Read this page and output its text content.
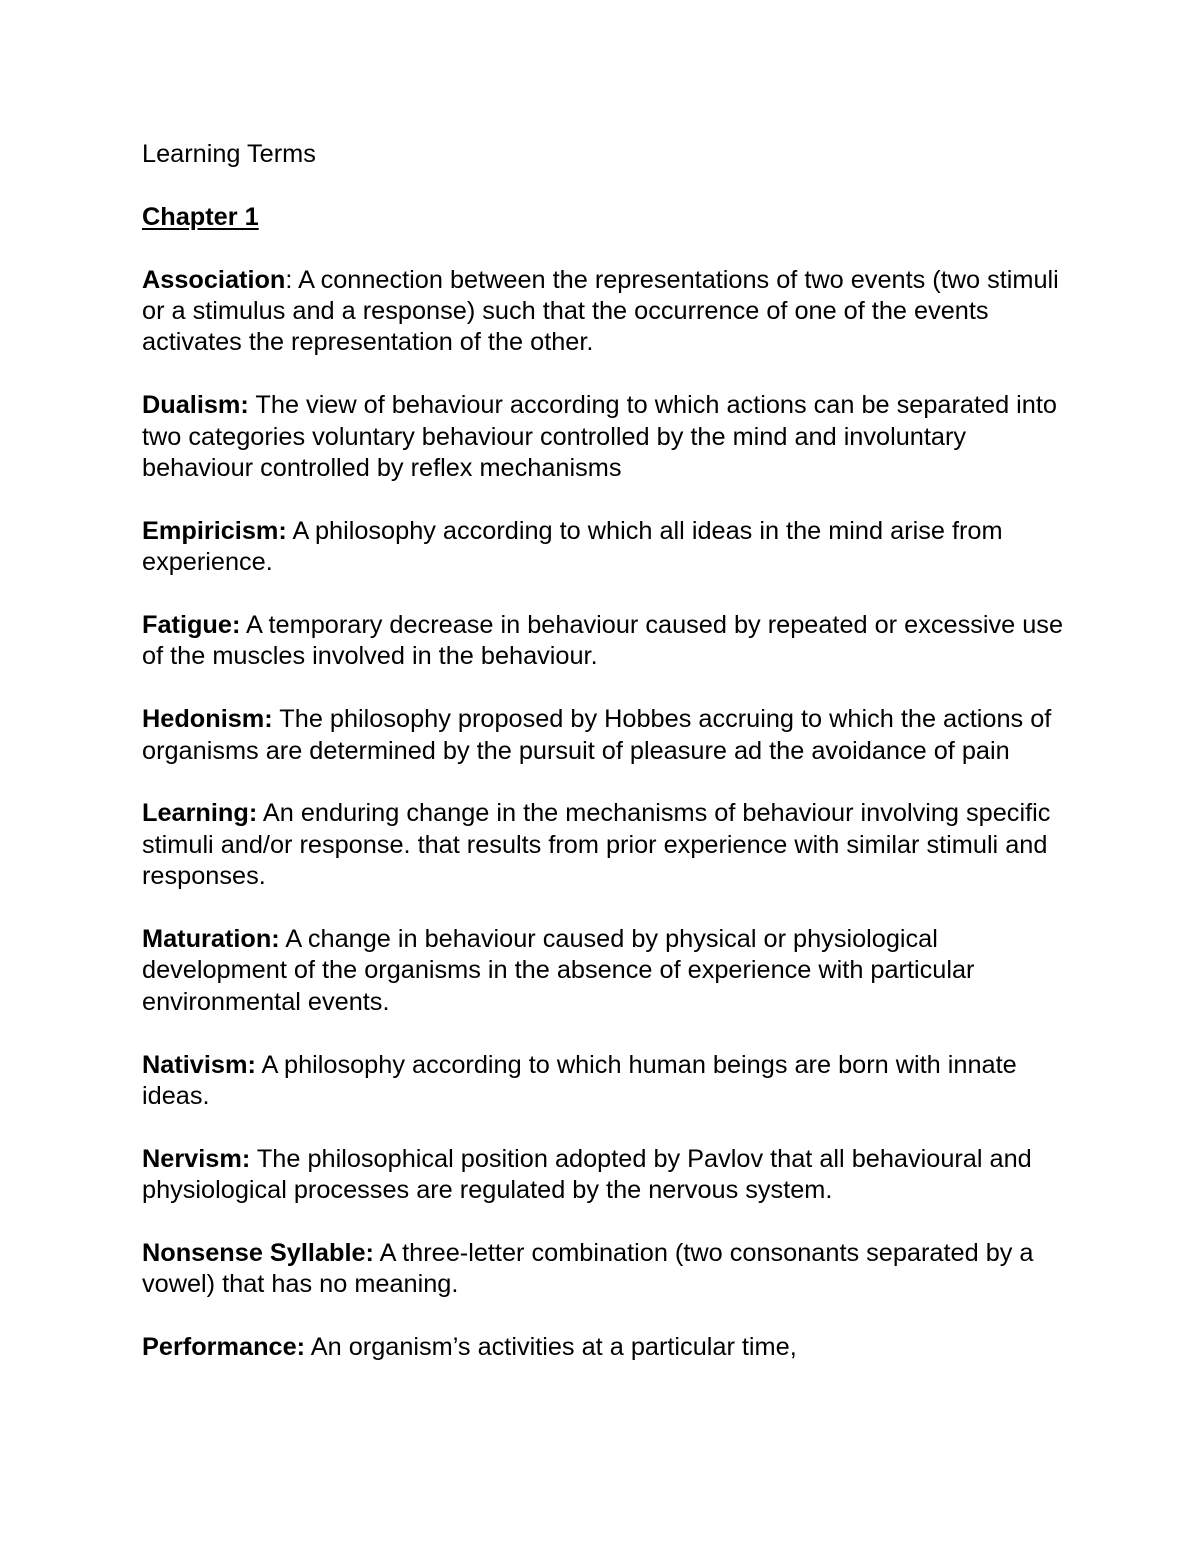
Learning Terms
Chapter 1
Association: A connection between the representations of two events (two stimuli or a stimulus and a response) such that the occurrence of one of the events activates the representation of the other.
Dualism: The view of behaviour according to which actions can be separated into two categories voluntary behaviour controlled by the mind and involuntary behaviour controlled by reflex mechanisms
Empiricism: A philosophy according to which all ideas in the mind arise from experience.
Fatigue: A temporary decrease in behaviour caused by repeated or excessive use of the muscles involved in the behaviour.
Hedonism: The philosophy proposed by Hobbes accruing to which the actions of organisms are determined by the pursuit of pleasure ad the avoidance of pain
Learning: An enduring change in the mechanisms of behaviour involving specific stimuli and/or response. that results from prior experience with similar stimuli and responses.
Maturation: A change in behaviour caused by physical or physiological development of the organisms in the absence of experience with particular environmental events.
Nativism: A philosophy according to which human beings are born with innate ideas.
Nervism: The philosophical position adopted by Pavlov that all behavioural and physiological processes are regulated by the nervous system.
Nonsense Syllable: A three-letter combination (two consonants separated by a vowel) that has no meaning.
Performance: An organism’s activities at a particular time,
